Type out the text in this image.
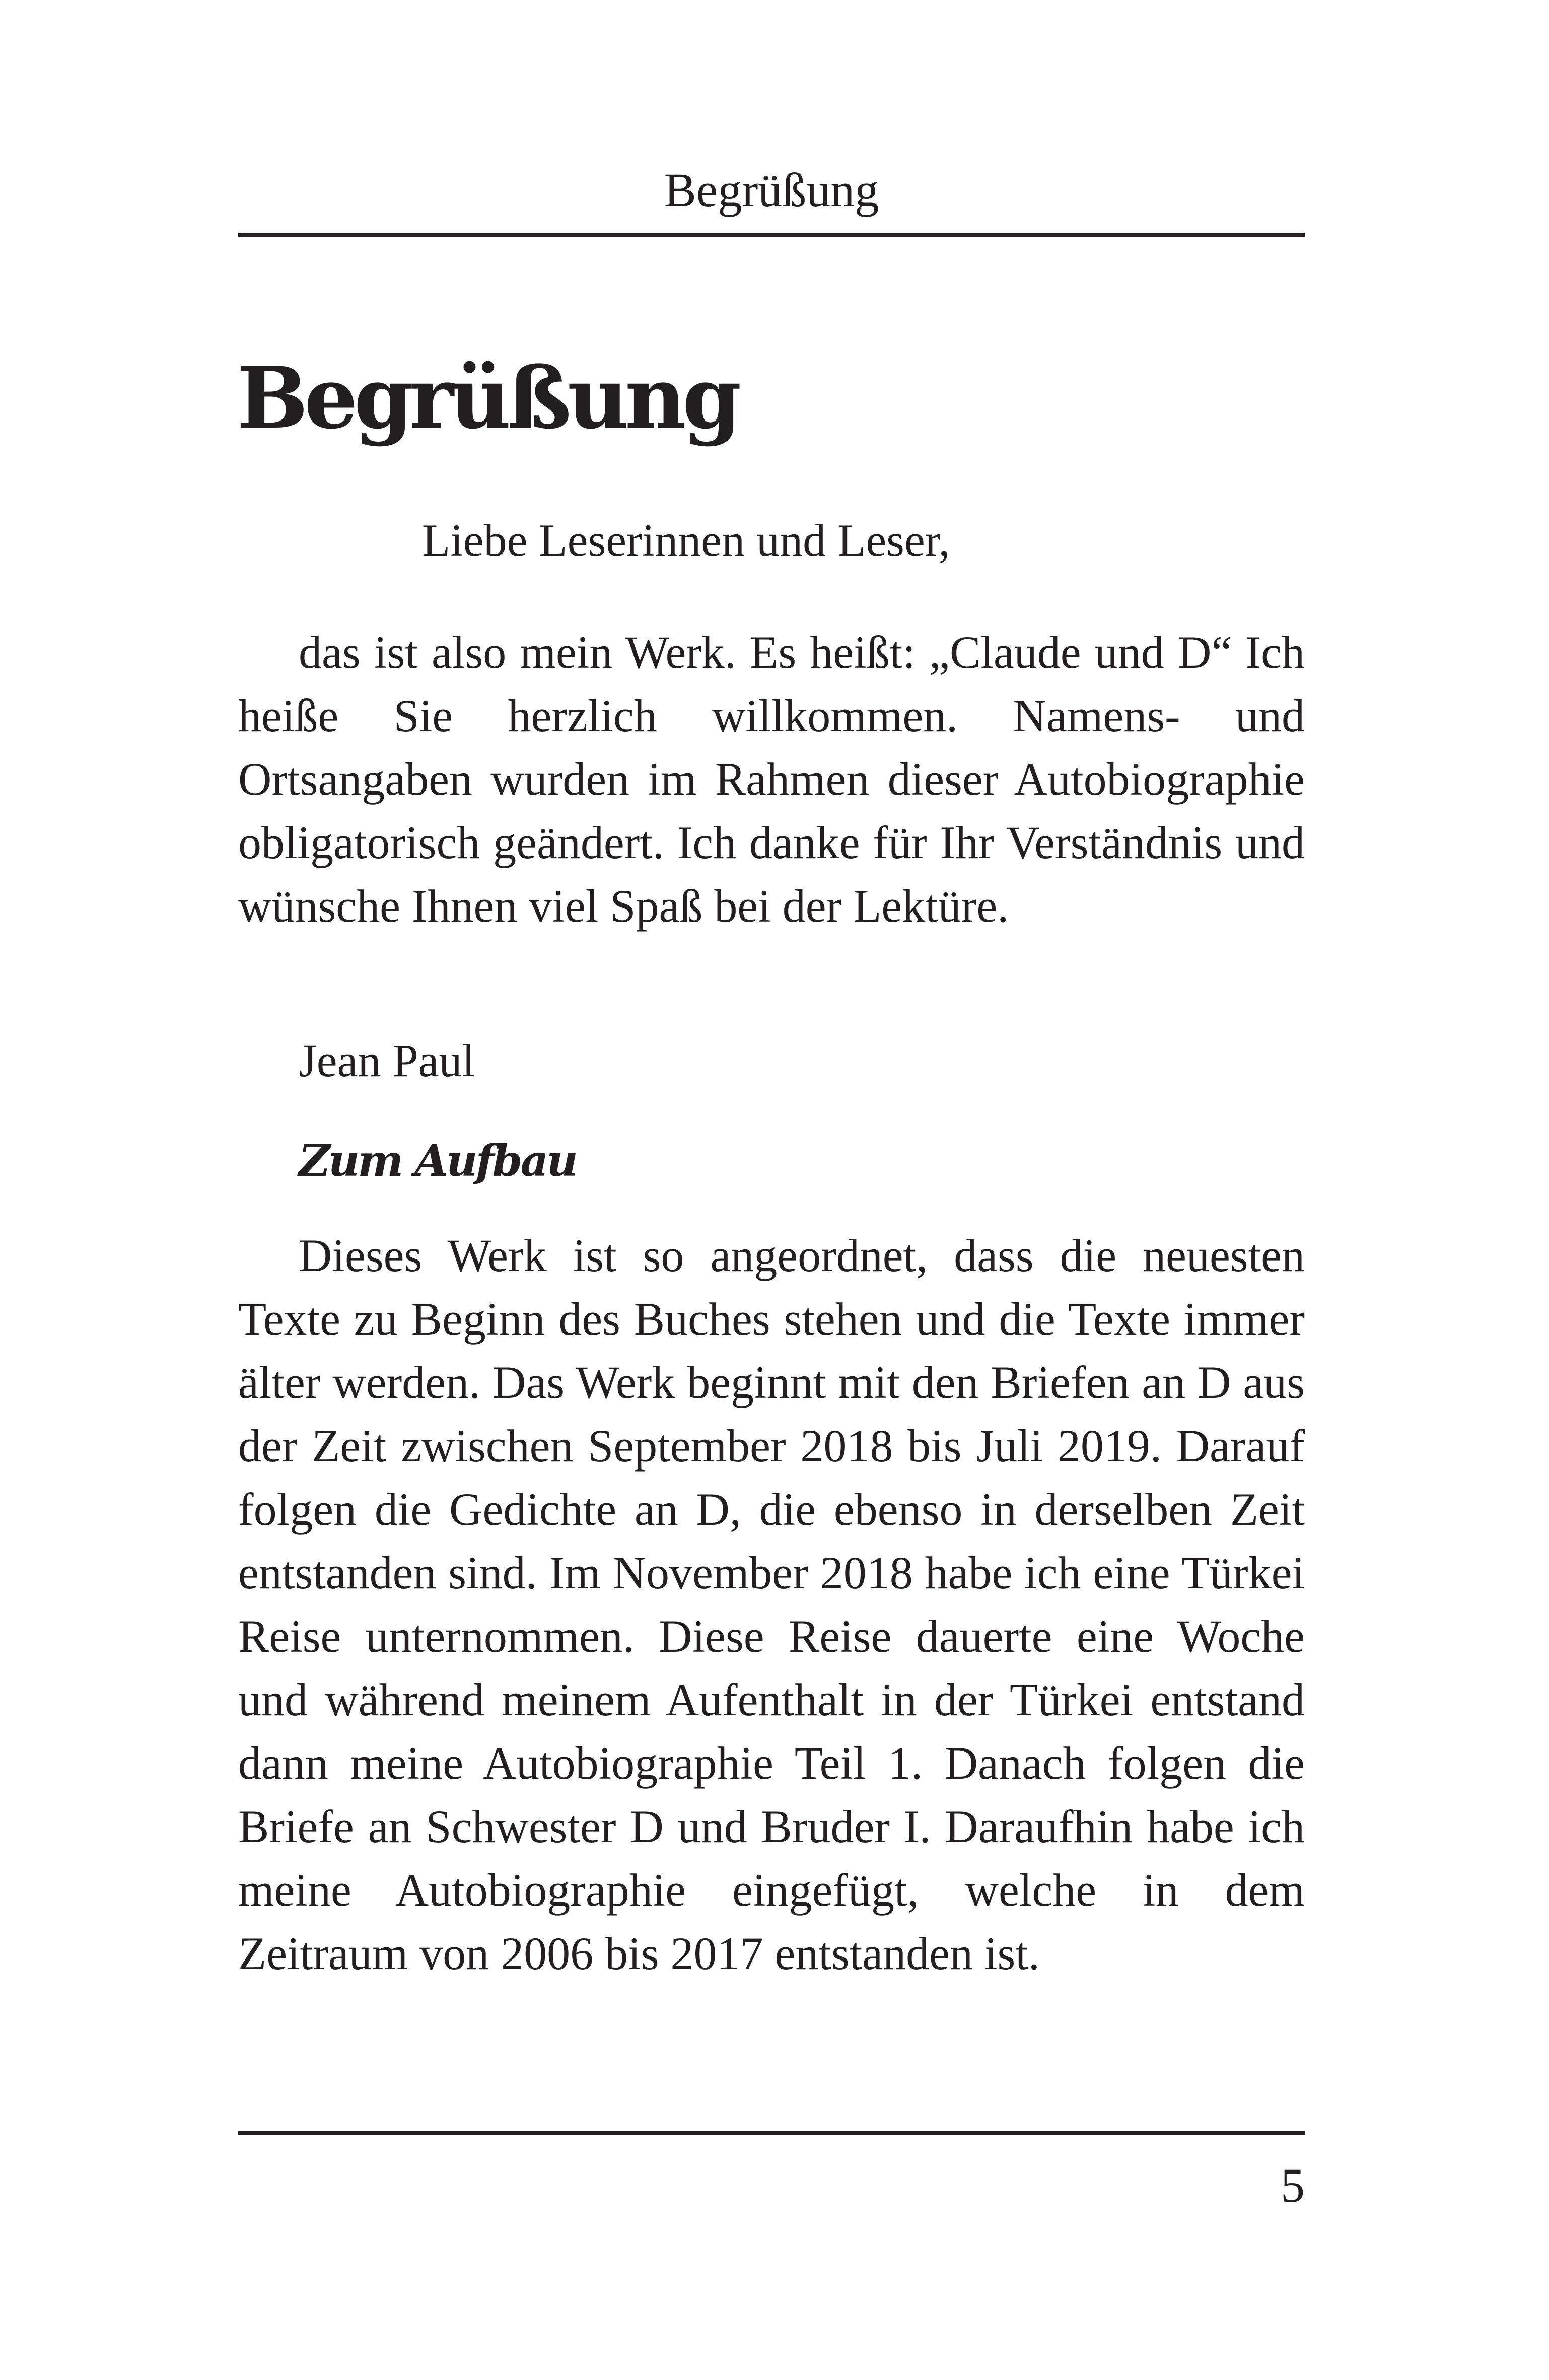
Begrüßung
Begrüßung
Liebe Leserinnen und Leser,

das ist also mein Werk. Es heißt: „Claude und D“ Ich heiße Sie herzlich willkommen. Namens- und Ortsangaben wurden im Rahmen dieser Autobiographie obligatorisch geändert. Ich danke für Ihr Verständnis und wünsche Ihnen viel Spaß bei der Lektüre.

Jean Paul
Zum Aufbau

Dieses Werk ist so angeordnet, dass die neuesten Texte zu Beginn des Buches stehen und die Texte immer älter werden. Das Werk beginnt mit den Briefen an D aus der Zeit zwischen September 2018 bis Juli 2019. Darauf folgen die Gedichte an D, die ebenso in derselben Zeit entstanden sind. Im November 2018 habe ich eine Türkei Reise unternommen. Diese Reise dauerte eine Woche und während meinem Aufenthalt in der Türkei entstand dann meine Autobiographie Teil 1. Danach folgen die Briefe an Schwester D und Bruder I. Daraufhin habe ich meine Autobiographie eingefügt, welche in dem Zeitraum von 2006 bis 2017 entstanden ist.

5
